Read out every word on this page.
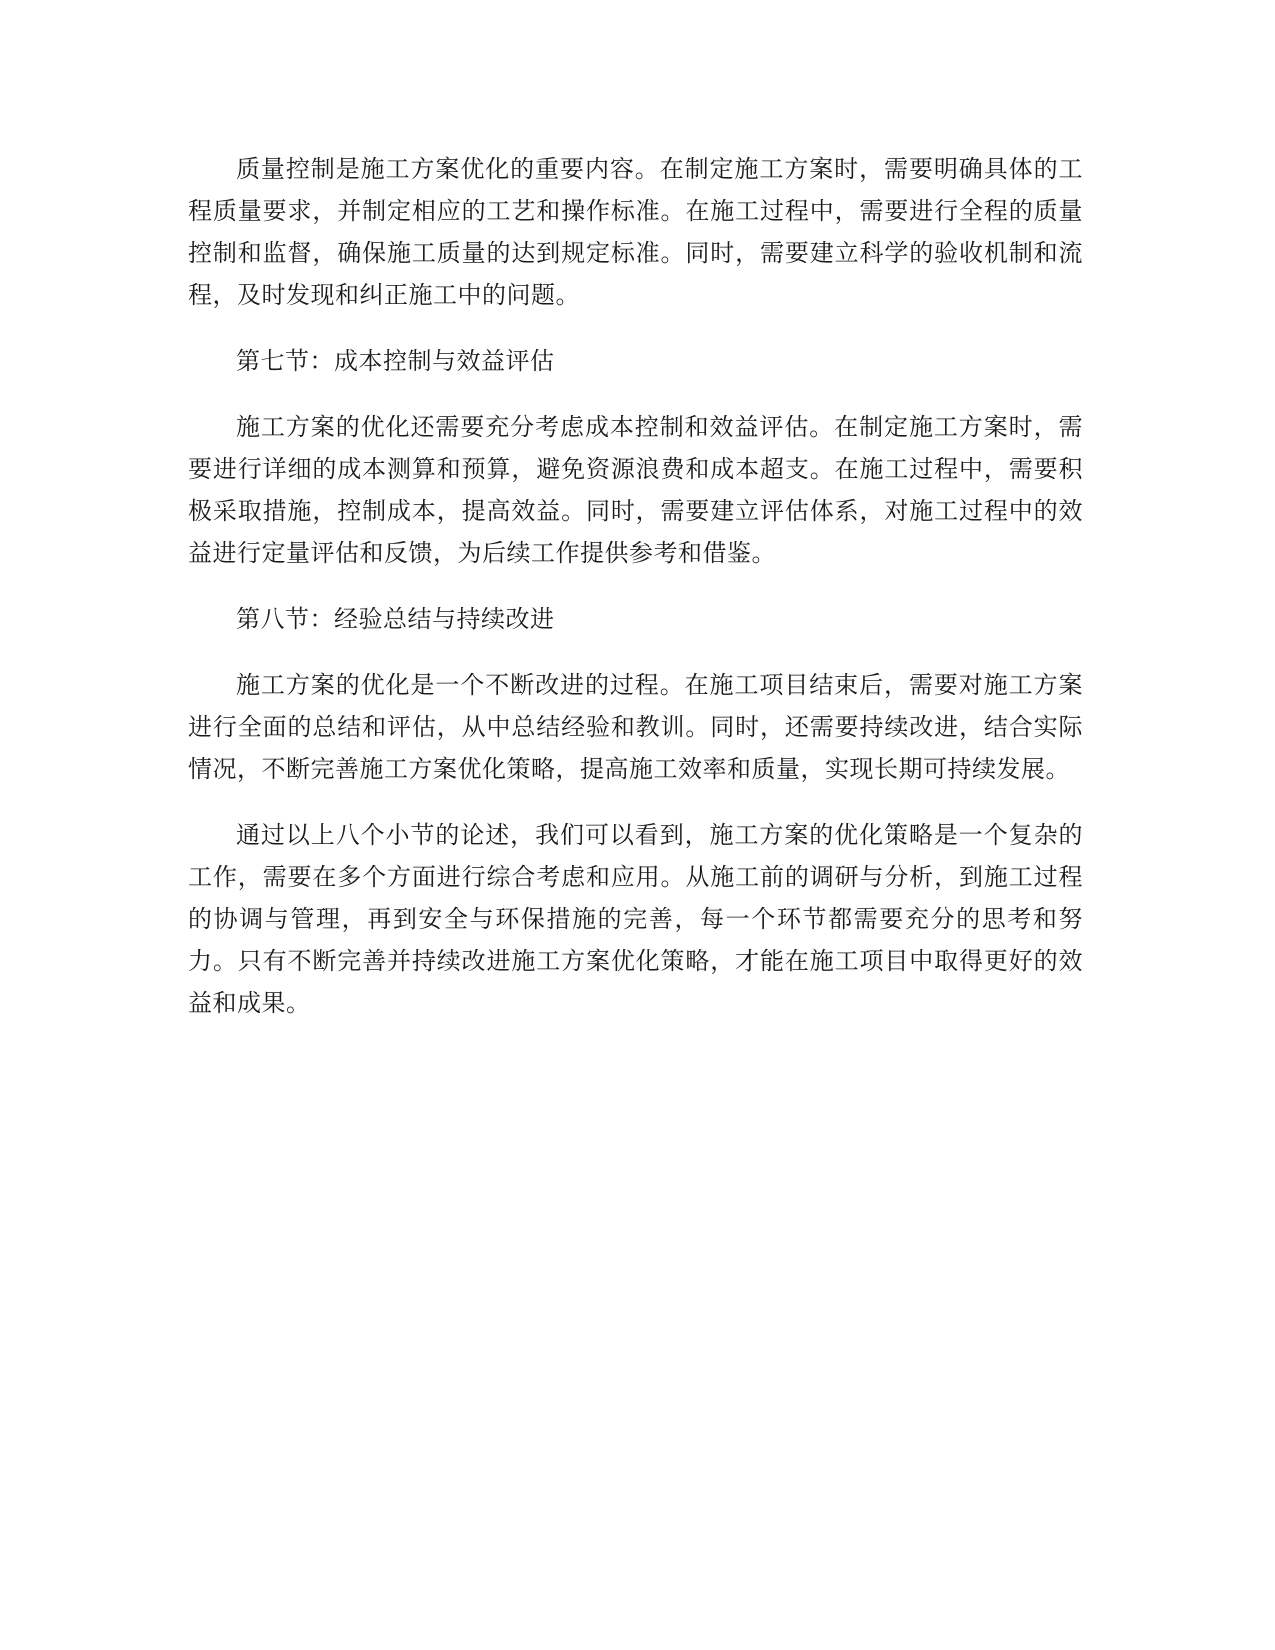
质量控制是施工方案优化的重要内容。在制定施工方案时，需要明确具体的工程质量要求，并制定相应的工艺和操作标准。在施工过程中，需要进行全程的质量控制和监督，确保施工质量的达到规定标准。同时，需要建立科学的验收机制和流程，及时发现和纠正施工中的问题。

第七节：成本控制与效益评估

施工方案的优化还需要充分考虑成本控制和效益评估。在制定施工方案时，需要进行详细的成本测算和预算，避免资源浪费和成本超支。在施工过程中，需要积极采取措施，控制成本，提高效益。同时，需要建立评估体系，对施工过程中的效益进行定量评估和反馈，为后续工作提供参考和借鉴。

第八节：经验总结与持续改进

施工方案的优化是一个不断改进的过程。在施工项目结束后，需要对施工方案进行全面的总结和评估，从中总结经验和教训。同时，还需要持续改进，结合实际情况，不断完善施工方案优化策略，提高施工效率和质量，实现长期可持续发展。

通过以上八个小节的论述，我们可以看到，施工方案的优化策略是一个复杂的工作，需要在多个方面进行综合考虑和应用。从施工前的调研与分析，到施工过程的协调与管理，再到安全与环保措施的完善，每一个环节都需要充分的思考和努力。只有不断完善并持续改进施工方案优化策略，才能在施工项目中取得更好的效益和成果。
